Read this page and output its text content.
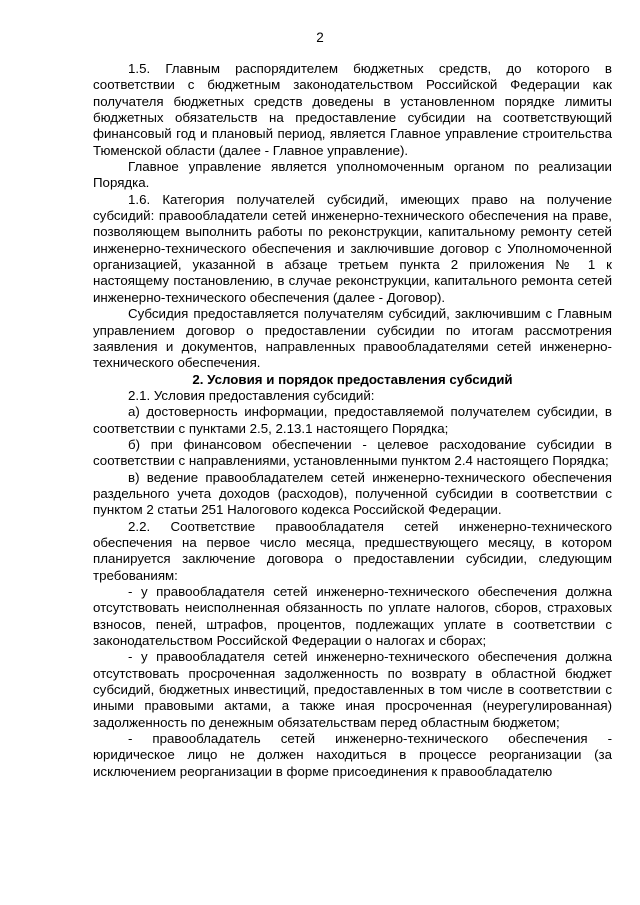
2

1.5. Главным распорядителем бюджетных средств, до которого в соответствии с бюджетным законодательством Российской Федерации как получателя бюджетных средств доведены в установленном порядке лимиты бюджетных обязательств на предоставление субсидии на соответствующий финансовый год и плановый период, является Главное управление строительства Тюменской области (далее - Главное управление).

Главное управление является уполномоченным органом по реализации Порядка.

1.6. Категория получателей субсидий, имеющих право на получение субсидий: правообладатели сетей инженерно-технического обеспечения на праве, позволяющем выполнить работы по реконструкции, капитальному ремонту сетей инженерно-технического обеспечения и заключившие договор с Уполномоченной организацией, указанной в абзаце третьем пункта 2 приложения № 1 к настоящему постановлению, в случае реконструкции, капитального ремонта сетей инженерно-технического обеспечения (далее - Договор).

Субсидия предоставляется получателям субсидий, заключившим с Главным управлением договор о предоставлении субсидии по итогам рассмотрения заявления и документов, направленных правообладателями сетей инженерно-технического обеспечения.

2. Условия и порядок предоставления субсидий

2.1. Условия предоставления субсидий:

а) достоверность информации, предоставляемой получателем субсидии, в соответствии с пунктами 2.5, 2.13.1 настоящего Порядка;

б) при финансовом обеспечении - целевое расходование субсидии в соответствии с направлениями, установленными пунктом 2.4 настоящего Порядка;

в) ведение правообладателем сетей инженерно-технического обеспечения раздельного учета доходов (расходов), полученной субсидии в соответствии с пунктом 2 статьи 251 Налогового кодекса Российской Федерации.

2.2. Соответствие правообладателя сетей инженерно-технического обеспечения на первое число месяца, предшествующего месяцу, в котором планируется заключение договора о предоставлении субсидии, следующим требованиям:

- у правообладателя сетей инженерно-технического обеспечения должна отсутствовать неисполненная обязанность по уплате налогов, сборов, страховых взносов, пеней, штрафов, процентов, подлежащих уплате в соответствии с законодательством Российской Федерации о налогах и сборах;

- у правообладателя сетей инженерно-технического обеспечения должна отсутствовать просроченная задолженность по возврату в областной бюджет субсидий, бюджетных инвестиций, предоставленных в том числе в соответствии с иными правовыми актами, а также иная просроченная (неурегулированная) задолженность по денежным обязательствам перед областным бюджетом;

- правообладатель сетей инженерно-технического обеспечения - юридическое лицо не должен находиться в процессе реорганизации (за исключением реорганизации в форме присоединения к правообладателю
